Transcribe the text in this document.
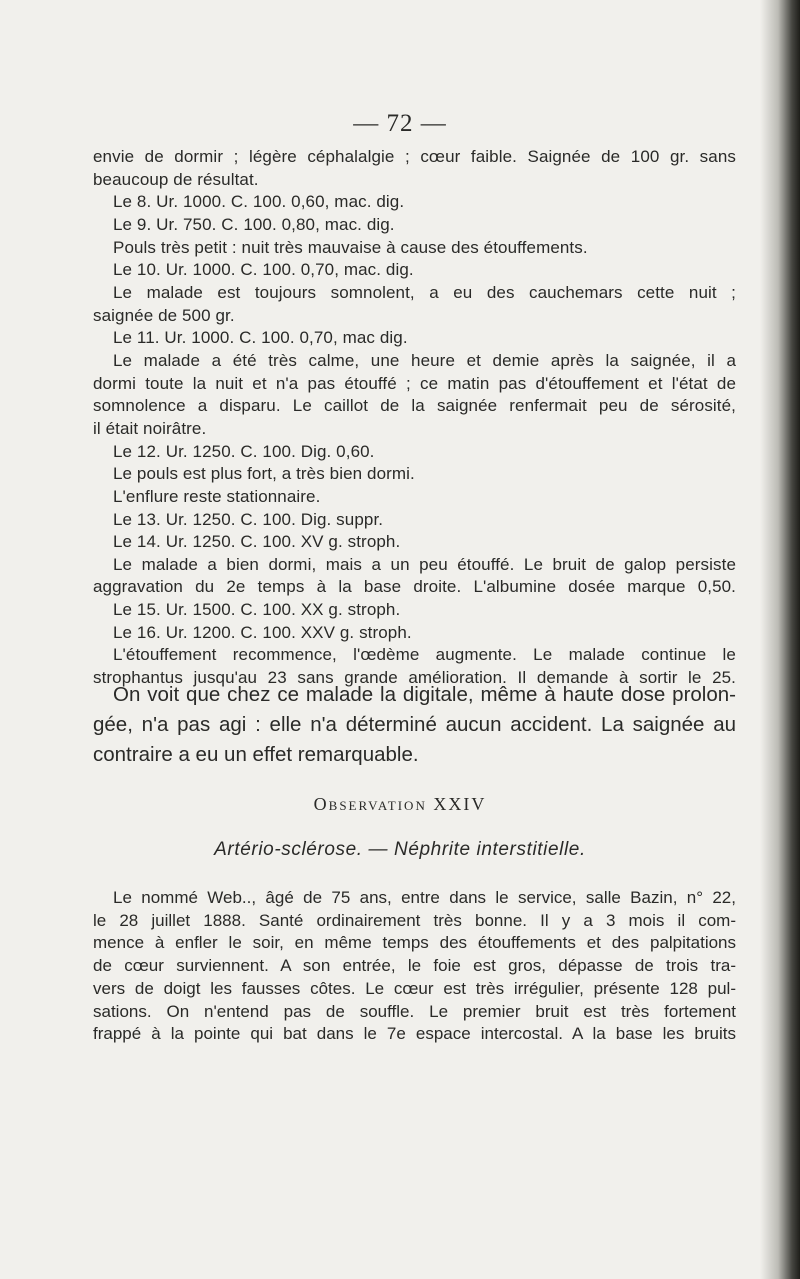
— 72 —
envie de dormir ; légère céphalalgie ; cœur faible. Saignée de 100 gr. sans
beaucoup de résultat.
Le 8. Ur. 1000. C. 100. 0,60, mac. dig.
Le 9. Ur. 750. C. 100. 0,80, mac. dig.
Pouls très petit : nuit très mauvaise à cause des étouffements.
Le 10. Ur. 1000. C. 100. 0,70, mac. dig.
Le malade est toujours somnolent, a eu des cauchemars cette nuit ;
saignée de 500 gr.
Le 11. Ur. 1000. C. 100. 0,70, mac dig.
Le malade a été très calme, une heure et demie après la saignée, il a
dormi toute la nuit et n'a pas étouffé ; ce matin pas d'étouffement et l'état de
somnolence a disparu. Le caillot de la saignée renfermait peu de sérosité,
il était noirâtre.
Le 12. Ur. 1250. C. 100. Dig. 0,60.
Le pouls est plus fort, a très bien dormi.
L'enflure reste stationnaire.
Le 13. Ur. 1250. C. 100. Dig. suppr.
Le 14. Ur. 1250. C. 100. XV g. stroph.
Le malade a bien dormi, mais a un peu étouffé. Le bruit de galop persiste
aggravation du 2e temps à la base droite. L'albumine dosée marque 0,50.
Le 15. Ur. 1500. C. 100. XX g. stroph.
Le 16. Ur. 1200. C. 100. XXV g. stroph.
L'étouffement recommence, l'œdème augmente. Le malade continue le
strophantus jusqu'au 23 sans grande amélioration. Il demande à sortir le 25.
On voit que chez ce malade la digitale, même à haute dose prolon-
gée, n'a pas agi : elle n'a déterminé aucun accident. La saignée au
contraire a eu un effet remarquable.
Observation XXIV
Artério-sclérose. — Néphrite interstitielle.
Le nommé Web.., âgé de 75 ans, entre dans le service, salle Bazin, n° 22,
le 28 juillet 1888. Santé ordinairement très bonne. Il y a 3 mois il com-
mence à enfler le soir, en même temps des étouffements et des palpitations
de cœur surviennent. A son entrée, le foie est gros, dépasse de trois tra-
vers de doigt les fausses côtes. Le cœur est très irrégulier, présente 128 pul-
sations. On n'entend pas de souffle. Le premier bruit est très fortement
frappé à la pointe qui bat dans le 7e espace intercostal. A la base les bruits
